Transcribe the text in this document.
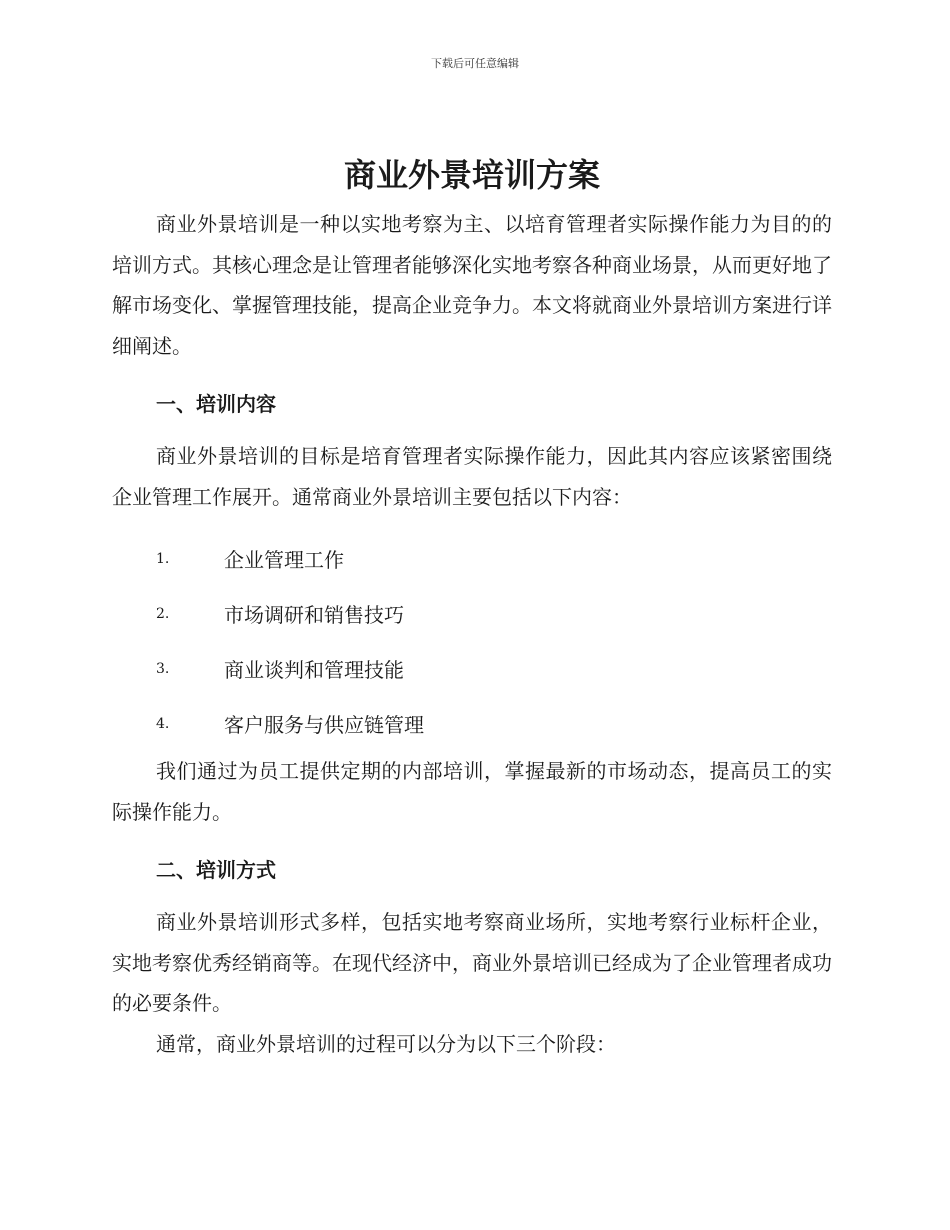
下载后可任意编辑
商业外景培训方案

商业外景培训是一种以实地考察为主、以培育管理者实际操作能力为目的的培训方式。其核心理念是让管理者能够深化实地考察各种商业场景，从而更好地了解市场变化、掌握管理技能，提高企业竞争力。本文将就商业外景培训方案进行详细阐述。

一、培训内容

商业外景培训的目标是培育管理者实际操作能力，因此其内容应该紧密围绕企业管理工作展开。通常商业外景培训主要包括以下内容：

1.	企业管理工作
2.	市场调研和销售技巧
3.	商业谈判和管理技能
4.	客户服务与供应链管理

我们通过为员工提供定期的内部培训，掌握最新的市场动态，提高员工的实际操作能力。

二、培训方式

商业外景培训形式多样，包括实地考察商业场所，实地考察行业标杆企业，实地考察优秀经销商等。在现代经济中，商业外景培训已经成为了企业管理者成功的必要条件。

通常，商业外景培训的过程可以分为以下三个阶段：
